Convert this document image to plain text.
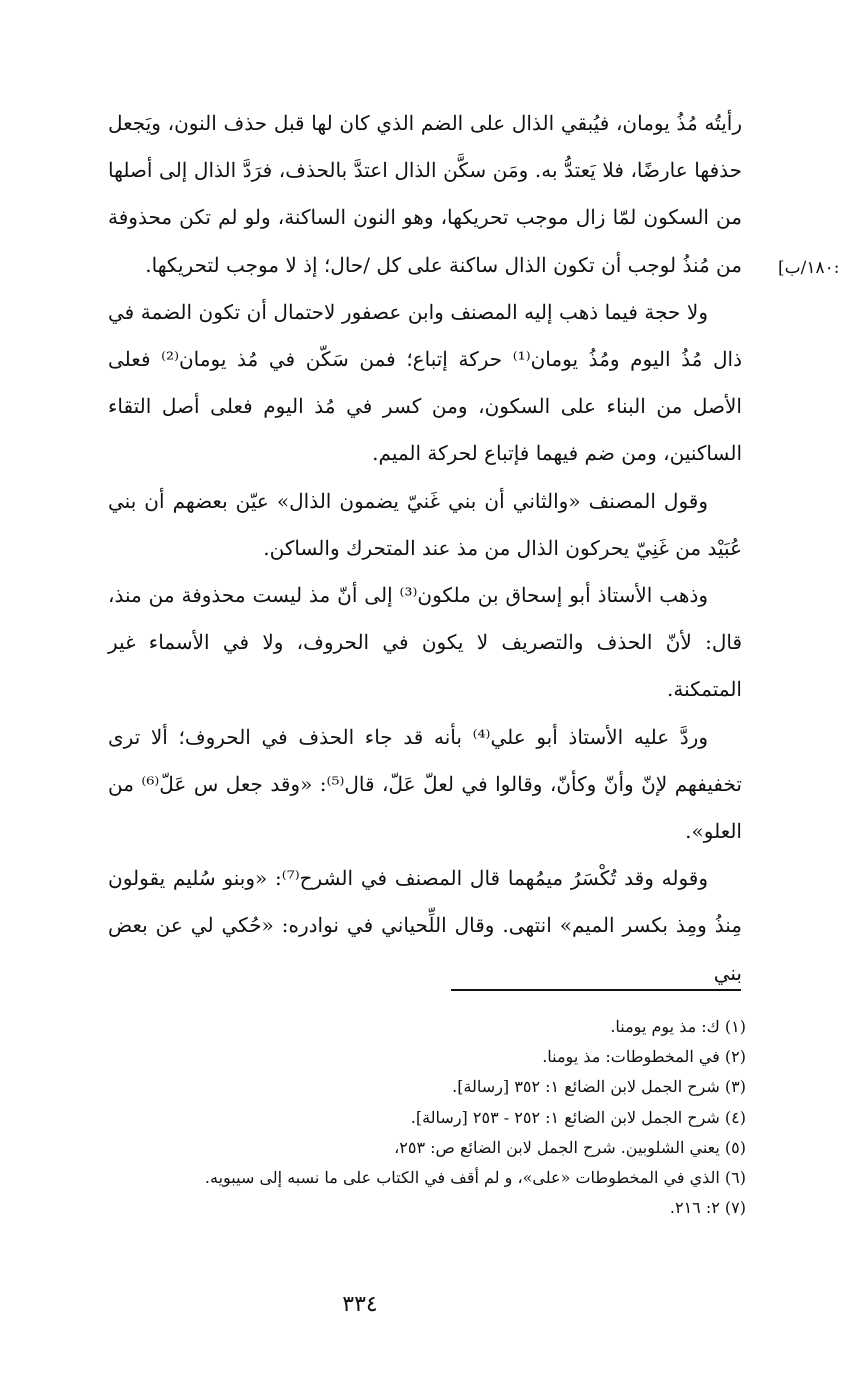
:١٨٠/ب]

رأيتُه مُذُ يومان، فيُبقي الذال على الضم الذي كان لها قبل حذف النون، ويَجعل حذفها عارضًا، فلا يَعتدُّ به. ومَن سكَّن الذال اعتدَّ بالحذف، فرَدَّ الذال إلى أصلها من السكون لمّا زال موجب تحريكها، وهو النون الساكنة، ولو لم تكن محذوفة من مُنذُ لوجب أن تكون الذال ساكنة على كل /حال؛ إذ لا موجب لتحريكها.

ولا حجة فيما ذهب إليه المصنف وابن عصفور لاحتمال أن تكون الضمة في ذال مُذُ اليوم ومُذُ يومان⁽¹⁾ حركة إتباع؛ فمن سَكّن في مُذ يومان⁽²⁾ فعلى الأصل من البناء على السكون، ومن كسر في مُذ اليوم فعلى أصل التقاء الساكنين، ومن ضم فيهما فإتباع لحركة الميم.

وقول المصنف «والثاني أن بني غَنيّ يضمون الذال» عيّن بعضهم أن بني عُبَيْد من غَنِيّ يحركون الذال من مذ عند المتحرك والساكن.

وذهب الأستاذ أبو إسحاق بن ملكون⁽³⁾ إلى أنّ مذ ليست محذوفة من منذ، قال: لأنّ الحذف والتصريف لا يكون في الحروف، ولا في الأسماء غير المتمكنة.

وردَّ عليه الأستاذ أبو علي⁽⁴⁾ بأنه قد جاء الحذف في الحروف؛ ألا ترى تخفيفهم لإنّ وأنّ وكأنّ، وقالوا في لعلّ عَلّ، قال⁽⁵⁾: «وقد جعل س عَلّ⁽⁶⁾ من العلو».

وقوله وقد تُكْسَرُ ميمُهما قال المصنف في الشرح⁽⁷⁾: «وبنو سُليم يقولون مِنذُ ومِذ بكسر الميم» انتهى. وقال اللِّحياني في نوادره: «حُكي لي عن بعض بني

(١) ك: مذ يوم يومنا.
(٢) في المخطوطات: مذ يومنا.
(٣) شرح الجمل لابن الضائع ١: ٣٥٢ [رسالة].
(٤) شرح الجمل لابن الضائع ١: ٢٥٢ - ٢٥٣ [رسالة].
(٥) يعني الشلوبين. شرح الجمل لابن الضائع ص: ٢٥٣،
(٦) الذي في المخطوطات «على»، و لم أقف في الكتاب على ما نسبه إلى سيبويه.
(٧) ٢: ٢١٦.
٣٣٤
